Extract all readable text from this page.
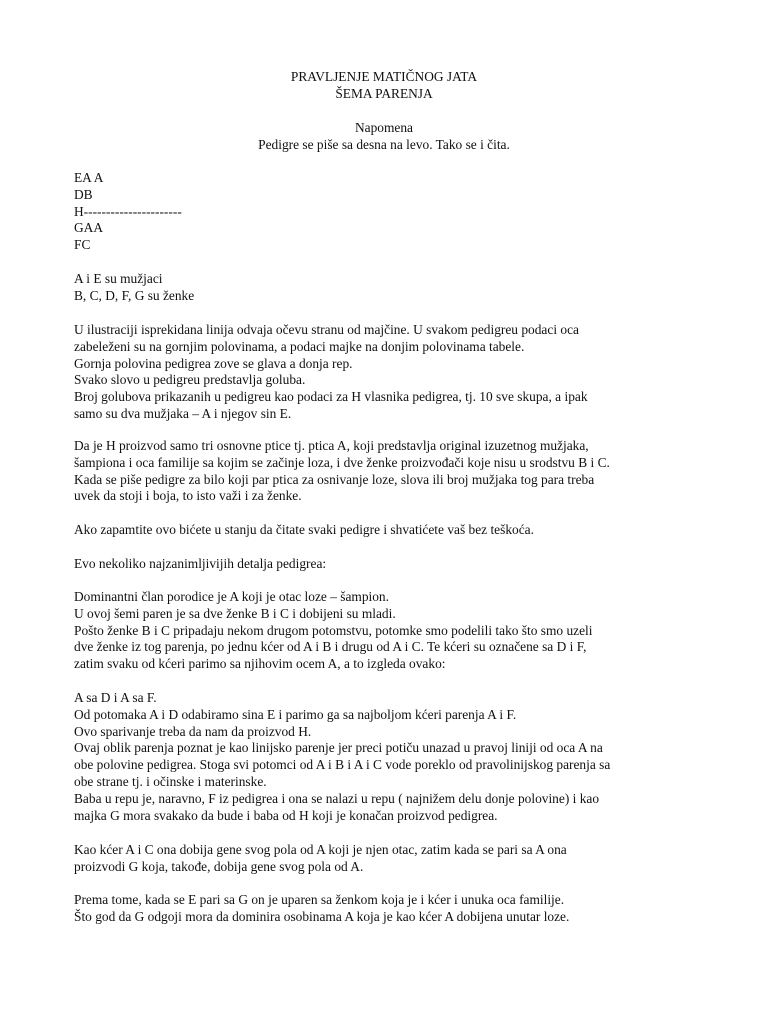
PRAVLJENJE MATIČNOG JATA
ŠEMA PARENJA
Napomena
Pedigre se piše sa desna na levo. Tako se i čita.
EA A
DB
H----------------------
GAA
FC
A i E su mužjaci
B, C, D, F, G su ženke
U ilustraciji isprekidana linija odvaja očevu stranu od majčine. U svakom pedigreu podaci oca
zabeleženi su na gornjim polovinama, a podaci majke na donjim polovinama tabele.
Gornja polovina pedigrea zove se glava a donja rep.
Svako slovo u pedigreu predstavlja goluba.
Broj golubova prikazanih u pedigreu kao podaci za H vlasnika pedigrea, tj. 10 sve skupa, a ipak
samo su dva mužjaka – A i njegov sin E.
Da je H proizvod samo tri osnovne ptice tj. ptica A, koji predstavlja original izuzetnog mužjaka,
šampiona i oca familije sa kojim se začinje loza, i dve ženke proizvođači koje nisu u srodstvu B i C.
Kada se piše pedigre za bilo koji par ptica za osnivanje loze, slova ili broj mužjaka tog para treba
uvek da stoji i boja, to isto važi i za ženke.
Ako zapamtite ovo bićete u stanju da čitate svaki pedigre i shvatićete vaš bez teškoća.
Evo nekoliko najzanimljivijih detalja pedigrea:
Dominantni član porodice je A koji je otac loze – šampion.
U ovoj šemi paren je sa dve ženke B i C i dobijeni su mladi.
Pošto ženke B i C pripadaju nekom drugom potomstvu, potomke smo podelili tako što smo uzeli
dve ženke iz tog parenja, po jednu kćer od A i B i drugu od A i C. Te kćeri su označene sa D i F,
zatim svaku od kćeri parimo sa njihovim ocem A, a to izgleda ovako:
A sa D i A sa F.
Od potomaka A i D odabiramo sina E i parimo ga sa najboljom kćeri parenja A i F.
Ovo sparivanje treba da nam da proizvod H.
Ovaj oblik parenja poznat je kao linijsko parenje jer preci potiču unazad u pravoj liniji od oca A na
obe polovine pedigrea. Stoga svi potomci od A i B i A i C vode poreklo od pravolinijskog parenja sa
obe strane tj. i očinske i materinske.
Baba u repu je, naravno, F iz pedigrea i ona se nalazi u repu ( najnižem delu donje polovine) i kao
majka G mora svakako da bude i baba od H koji je konačan proizvod pedigrea.
Kao kćer A i C ona dobija gene svog pola od A koji je njen otac, zatim kada se pari sa A ona
proizvodi G koja, takođe, dobija gene svog pola od A.
Prema tome, kada se E pari sa G on je uparen sa ženkom koja je i kćer i unuka oca familije.
Što god da G odgoji mora da dominira osobinama A koja je kao kćer A dobijena unutar loze.
